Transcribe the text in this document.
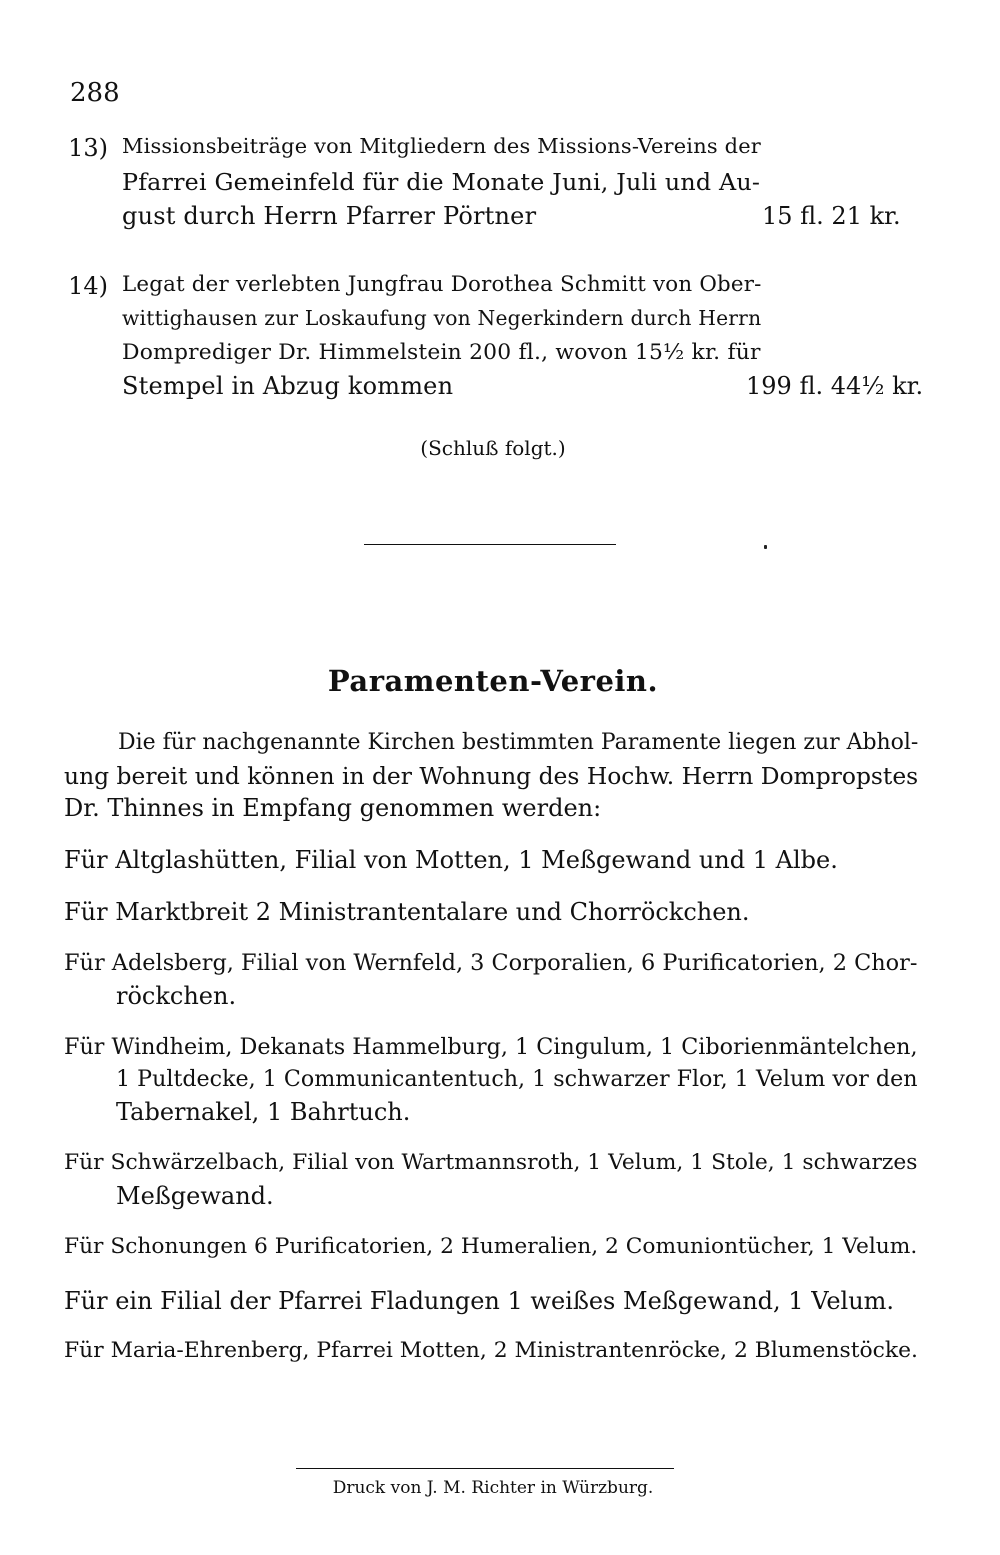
288
13) Missionsbeiträge von Mitgliedern des Missions-Vereins der
Pfarrei Gemeinfeld für die Monate Juni, Juli und Au-
gust durch Herrn Pfarrer Pörtner	15 fl. 21 kr.
14) Legat der verlebten Jungfrau Dorothea Schmitt von Ober-
wittighausen zur Loskaufung von Negerkindern durch Herrn
Domprediger Dr. Himmelstein 200 fl., wovon 15½ kr. für
Stempel in Abzug kommen	199 fl. 44½ kr.
(Schluß folgt.)
Paramenten-Verein.
Die für nachgenannte Kirchen bestimmten Paramente liegen zur Abhol-
ung bereit und können in der Wohnung des Hochw. Herrn Dompropstes
Dr. Thinnes in Empfang genommen werden:
Für Altglashütten, Filial von Motten, 1 Meßgewand und 1 Albe.
Für Marktbreit 2 Ministrantentalare und Chorröckchen.
Für Adelsberg, Filial von Wernfeld, 3 Corporalien, 6 Purificatorien, 2 Chor-
röckchen.
Für Windheim, Dekanats Hammelburg, 1 Cingulum, 1 Ciborienmäntelchen,
1 Pultdecke, 1 Communicantentuch, 1 schwarzer Flor, 1 Velum vor den
Tabernakel, 1 Bahrtuch.
Für Schwärzelbach, Filial von Wartmannsroth, 1 Velum, 1 Stole, 1 schwarzes
Meßgewand.
Für Schonungen 6 Purificatorien, 2 Humeralien, 2 Comuniontücher, 1 Velum.
Für ein Filial der Pfarrei Fladungen 1 weißes Meßgewand, 1 Velum.
Für Maria-Ehrenberg, Pfarrei Motten, 2 Ministrantenröcke, 2 Blumenstöcke.
Druck von J. M. Richter in Würzburg.
